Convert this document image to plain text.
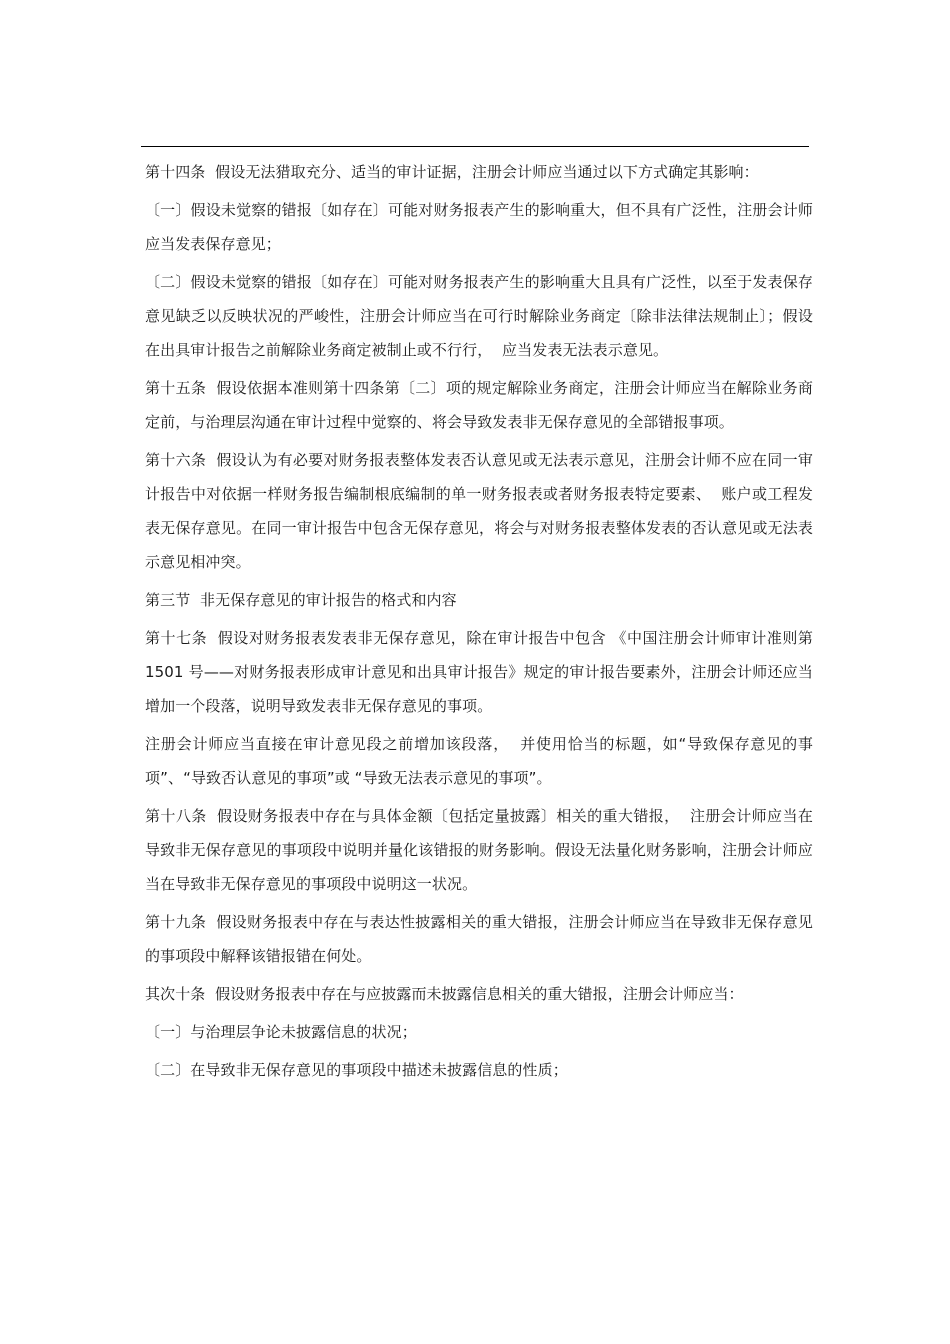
第十四条  假设无法猎取充分、适当的审计证据，注册会计师应当通过以下方式确定其影响：

〔一〕假设未觉察的错报〔如存在〕可能对财务报表产生的影响重大，但不具有广泛性，注册会计师应当发表保存意见；

〔二〕假设未觉察的错报〔如存在〕可能对财务报表产生的影响重大且具有广泛性，以至于发表保存意见缺乏以反映状况的严峻性，注册会计师应当在可行时解除业务商定〔除非法律法规制止〕；假设在出具审计报告之前解除业务商定被制止或不行行，  应当发表无法表示意见。

第十五条  假设依据本准则第十四条第〔二〕项的规定解除业务商定，注册会计师应当在解除业务商定前，与治理层沟通在审计过程中觉察的、将会导致发表非无保存意见的全部错报事项。

第十六条  假设认为有必要对财务报表整体发表否认意见或无法表示意见，注册会计师不应在同一审计报告中对依据一样财务报告编制根底编制的单一财务报表或者财务报表特定要素、  账户或工程发表无保存意见。在同一审计报告中包含无保存意见，将会与对财务报表整体发表的否认意见或无法表示意见相冲突。

第三节  非无保存意见的审计报告的格式和内容

第十七条  假设对财务报表发表非无保存意见，除在审计报告中包含 《中国注册会计师审计准则第  1501 号——对财务报表形成审计意见和出具审计报告》规定的审计报告要素外，注册会计师还应当增加一个段落，说明导致发表非无保存意见的事项。

注册会计师应当直接在审计意见段之前增加该段落，  并使用恰当的标题，如“导致保存意见的事项”、“导致否认意见的事项”或 “导致无法表示意见的事项”。

第十八条  假设财务报表中存在与具体金额〔包括定量披露〕相关的重大错报，  注册会计师应当在导致非无保存意见的事项段中说明并量化该错报的财务影响。假设无法量化财务影响，注册会计师应当在导致非无保存意见的事项段中说明这一状况。

第十九条  假设财务报表中存在与表达性披露相关的重大错报，注册会计师应当在导致非无保存意见的事项段中解释该错报错在何处。

其次十条  假设财务报表中存在与应披露而未披露信息相关的重大错报，注册会计师应当：

〔一〕与治理层争论未披露信息的状况；

〔二〕在导致非无保存意见的事项段中描述未披露信息的性质；
